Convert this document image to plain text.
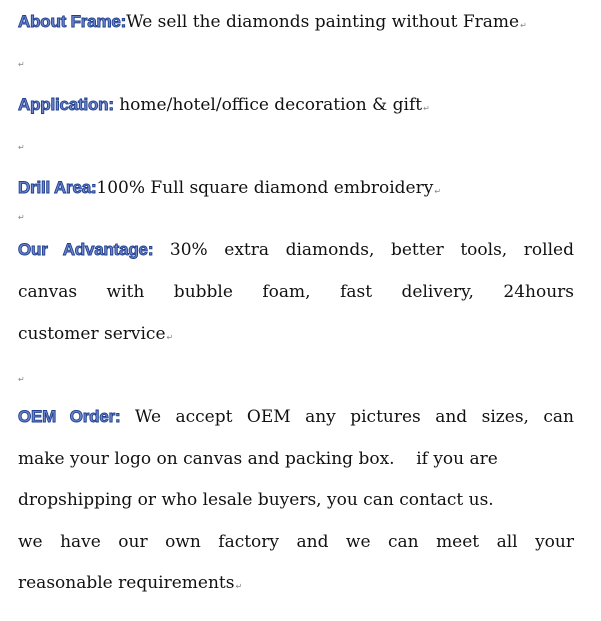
About Frame:We sell the diamonds painting without Frame↵
↵
Application: home/hotel/office decoration & gift↵
↵
Drill Area:100% Full square diamond embroidery↵
↵
Our Advantage: 30% extra diamonds, better tools, rolled
canvas with bubble foam, fast delivery, 24hours
customer service↵
↵
OEM Order: We accept OEM any pictures and sizes, can
make your logo on canvas and packing box.    if you are
dropshipping or who lesale buyers, you can contact us.
we have our own factory and we can meet all your
reasonable requirements↵
